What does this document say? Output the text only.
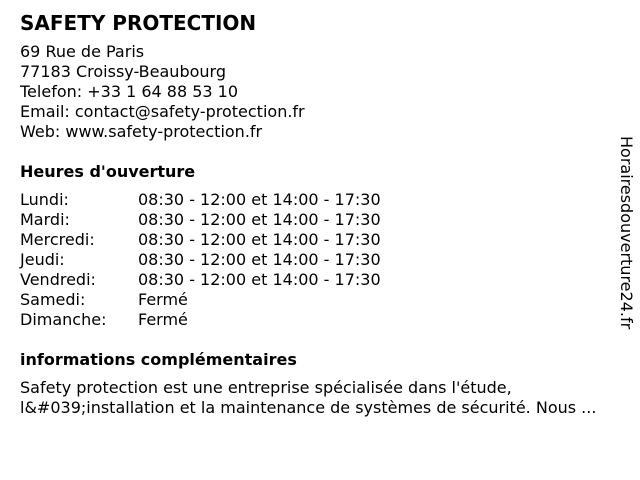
SAFETY PROTECTION
69 Rue de Paris
77183 Croissy-Beaubourg
Telefon: +33 1 64 88 53 10
Email: contact@safety-protection.fr
Web: www.safety-protection.fr
Heures d'ouverture
Lundi:	08:30 - 12:00 et 14:00 - 17:30
Mardi:	08:30 - 12:00 et 14:00 - 17:30
Mercredi:	08:30 - 12:00 et 14:00 - 17:30
Jeudi:	08:30 - 12:00 et 14:00 - 17:30
Vendredi:	08:30 - 12:00 et 14:00 - 17:30
Samedi:	Fermé
Dimanche: Fermé
informations complémentaires
Safety protection est une entreprise spécialisée dans l'étude, l&#039;installation et la maintenance de systèmes de sécurité. Nous ...
Horairesdouverture24.fr
